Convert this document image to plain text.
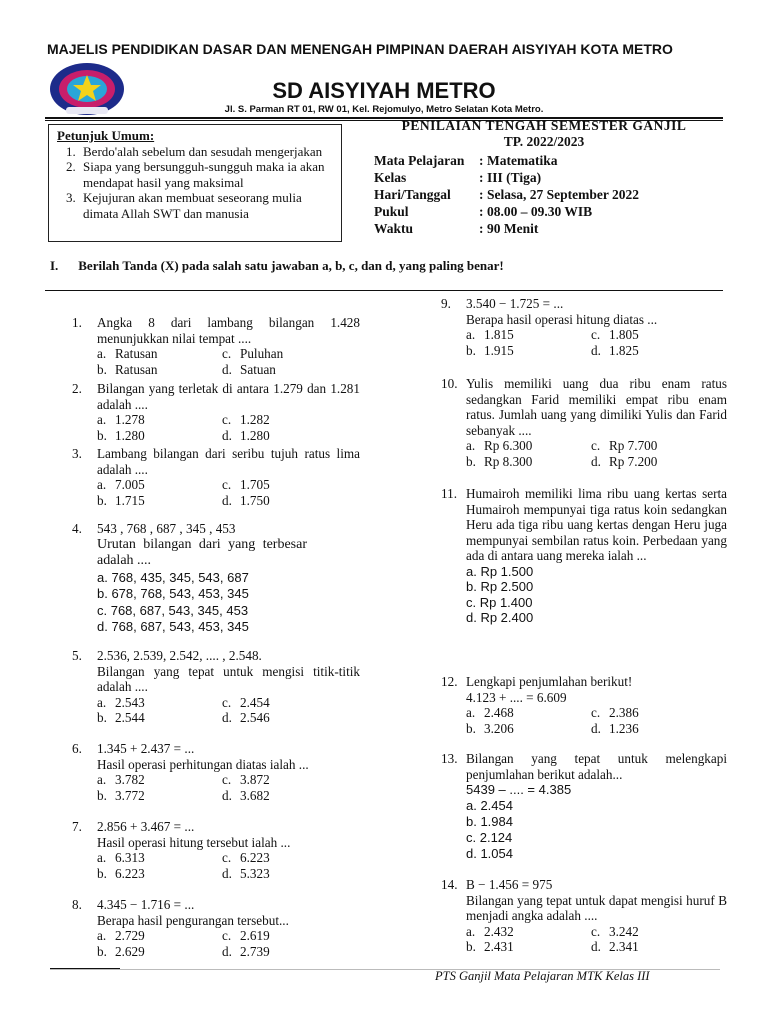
MAJELIS PENDIDIKAN DASAR DAN MENENGAH PIMPINAN DAERAH AISYIYAH KOTA METRO
SD AISYIYAH METRO
Jl. S. Parman RT 01, RW 01, Kel. Rejomulyo, Metro Selatan Kota Metro.
Petunjuk Umum:
1. Berdo'alah sebelum dan sesudah mengerjakan
2. Siapa yang bersungguh-sungguh maka ia akan mendapat hasil yang maksimal
3. Kejujuran akan membuat seseorang mulia dimata Allah SWT dan manusia
PENILAIAN TENGAH SEMESTER GANJIL
TP. 2022/2023
Mata Pelajaran	: Matematika
Kelas	: III (Tiga)
Hari/Tanggal	: Selasa, 27 September 2022
Pukul	: 08.00 – 09.30 WIB
Waktu	: 90 Menit
I. Berilah Tanda (X) pada salah satu jawaban a, b, c, dan d, yang paling benar!
1. Angka 8 dari lambang bilangan 1.428 menunjukkan nilai tempat ....
a. Ratusan	c. Puluhan
b. Ratusan	d. Satuan
2. Bilangan yang terletak di antara 1.279 dan 1.281 adalah ....
a. 1.278	c. 1.282
b. 1.280	d. 1.280
3. Lambang bilangan dari seribu tujuh ratus lima adalah ....
a. 7.005	c. 1.705
b. 1.715	d. 1.750
4. 543 , 768 , 687 , 345 , 453
Urutan bilangan dari yang terbesar adalah ....
a. 768, 435, 345, 543, 687
b. 678, 768, 543, 453, 345
c. 768, 687, 543, 345, 453
d. 768, 687, 543, 453, 345
5. 2.536, 2.539, 2.542, .... , 2.548.
Bilangan yang tepat untuk mengisi titik-titik adalah ....
a. 2.543	c. 2.454
b. 2.544	d. 2.546
6. 1.345 + 2.437 = ...
Hasil operasi perhitungan diatas ialah ...
a. 3.782	c. 3.872
b. 3.772	d. 3.682
7. 2.856 + 3.467 = ...
Hasil operasi hitung tersebut ialah ...
a. 6.313	c. 6.223
b. 6.223	d. 5.323
8. 4.345 − 1.716 = ...
Berapa hasil pengurangan tersebut...
a. 2.729	c. 2.619
b. 2.629	d. 2.739
9. 3.540 − 1.725 = ...
Berapa hasil operasi hitung diatas ...
a. 1.815	c. 1.805
b. 1.915	d. 1.825
10. Yulis memiliki uang dua ribu enam ratus sedangkan Farid memiliki empat ribu enam ratus. Jumlah uang yang dimiliki Yulis dan Farid sebanyak ....
a. Rp 6.300	c. Rp 7.700
b. Rp 8.300	d. Rp 7.200
11. Humairoh memiliki lima ribu uang kertas serta Humairoh mempunyai tiga ratus koin sedangkan Heru ada tiga ribu uang kertas dengan Heru juga mempunyai sembilan ratus koin. Perbedaan yang ada di antara uang mereka ialah ...
a. Rp 1.500
b. Rp 2.500
c. Rp 1.400
d. Rp 2.400
12. Lengkapi penjumlahan berikut!
4.123 + .... = 6.609
a. 2.468	c. 2.386
b. 3.206	d. 1.236
13. Bilangan yang tepat untuk melengkapi penjumlahan berikut adalah...
5439 – .... = 4.385
a. 2.454
b. 1.984
c. 2.124
d. 1.054
14. B − 1.456 = 975
Bilangan yang tepat untuk dapat mengisi huruf B menjadi angka adalah ....
a. 2.432	c. 3.242
b. 2.431	d. 2.341
PTS Ganjil Mata Pelajaran MTK Kelas III
